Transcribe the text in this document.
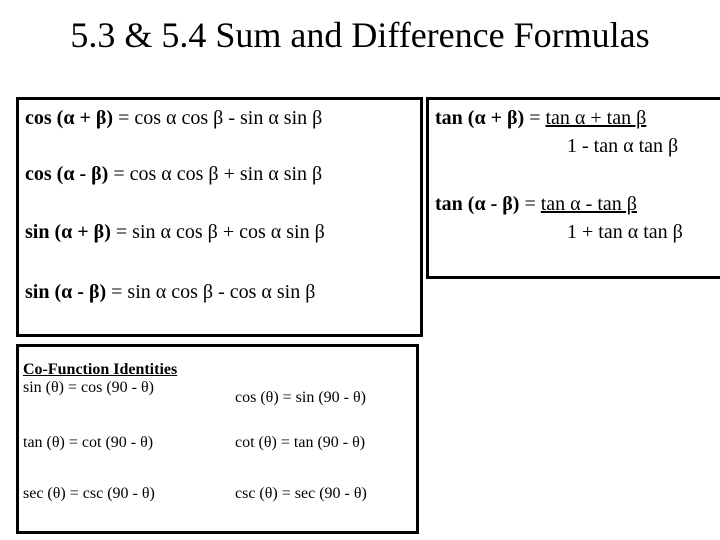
5.3 & 5.4 Sum and Difference Formulas
cos (α + β) = cos α cos β - sin α sin β
cos (α - β) = cos α cos β + sin α sin β
sin (α + β) = sin α cos β + cos α sin β
sin (α - β) = sin α cos β - cos α sin β
tan (α + β) = tan α + tan β
1 - tan α tan β
tan (α - β) = tan α - tan β
1 + tan α tan β
Co-Function Identities
sin (θ) = cos (90 - θ)
cos (θ) = sin (90 - θ)
tan (θ) = cot (90 - θ)	cot (θ) = tan (90 - θ)
sec (θ) = csc (90 - θ)	csc (θ) = sec (90 - θ)
